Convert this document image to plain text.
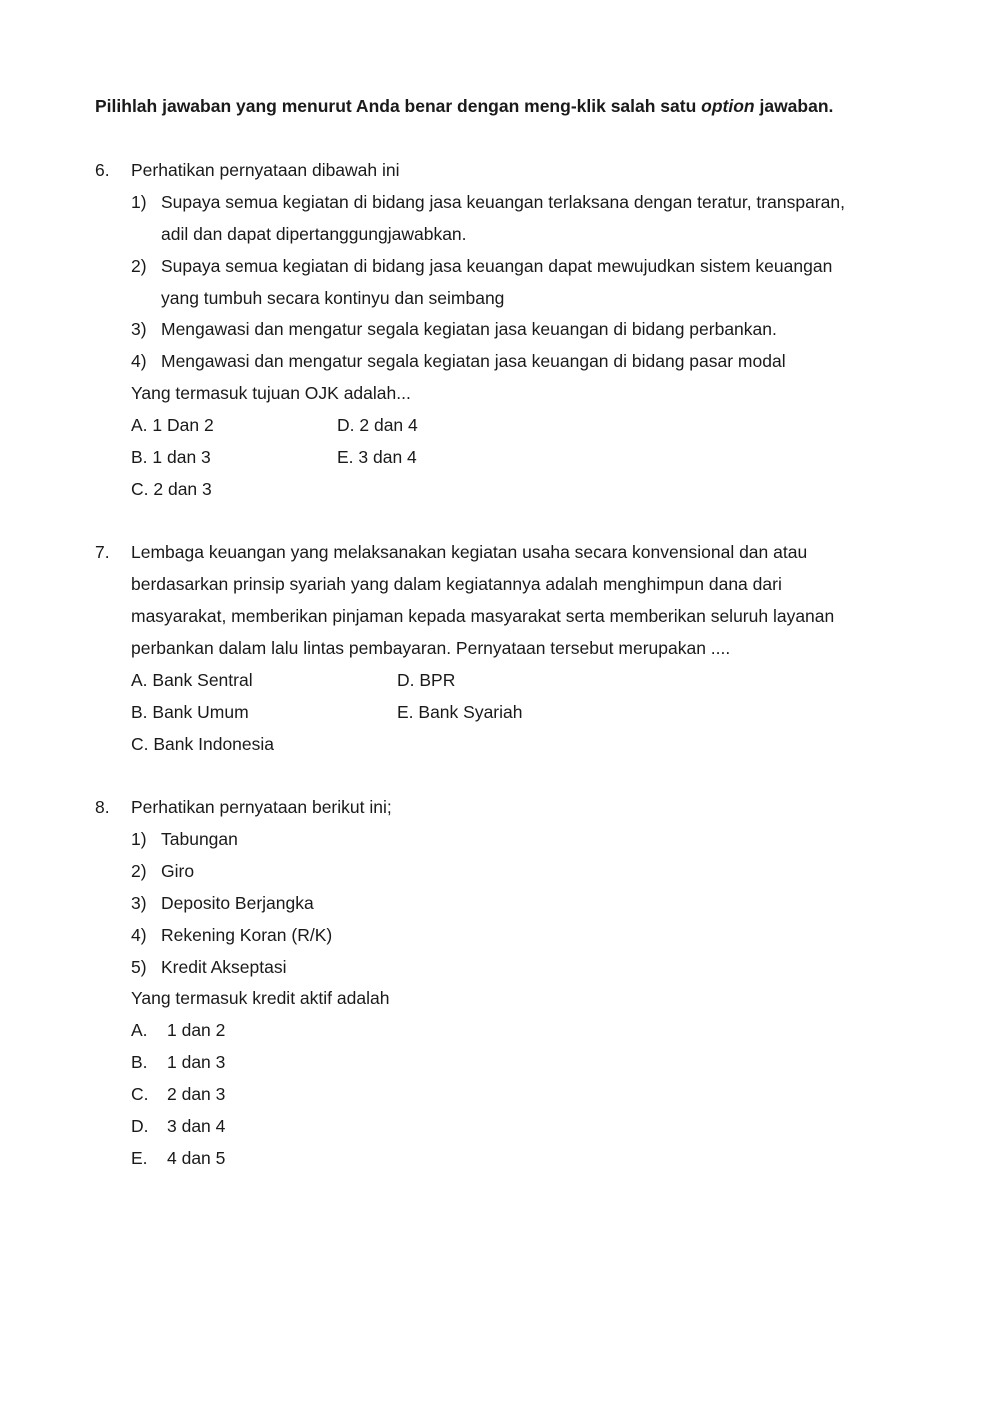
Pilihlah jawaban yang menurut Anda benar dengan meng-klik salah satu option jawaban.
6. Perhatikan pernyataan dibawah ini
1) Supaya semua kegiatan di bidang jasa keuangan terlaksana dengan teratur, transparan,
adil dan dapat dipertanggungjawabkan.
2) Supaya semua kegiatan di bidang jasa keuangan dapat mewujudkan sistem keuangan
yang tumbuh secara kontinyu dan seimbang
3) Mengawasi dan mengatur segala kegiatan jasa keuangan di bidang perbankan.
4) Mengawasi dan mengatur segala kegiatan jasa keuangan di bidang pasar modal
Yang termasuk tujuan OJK adalah...
A. 1 Dan 2	D. 2 dan 4
B. 1 dan 3	E. 3 dan 4
C. 2 dan 3
7. Lembaga keuangan yang melaksanakan kegiatan usaha secara konvensional dan atau
berdasarkan prinsip syariah yang dalam kegiatannya adalah menghimpun dana dari
masyarakat, memberikan pinjaman kepada masyarakat serta memberikan seluruh layanan
perbankan dalam lalu lintas pembayaran. Pernyataan tersebut merupakan ....
A. Bank Sentral	D. BPR
B. Bank Umum	E. Bank Syariah
C. Bank Indonesia
8. Perhatikan pernyataan berikut ini;
1) Tabungan
2) Giro
3) Deposito Berjangka
4) Rekening Koran (R/K)
5) Kredit Akseptasi
Yang termasuk kredit aktif adalah
A. 1 dan 2
B. 1 dan 3
C. 2 dan 3
D. 3 dan 4
E. 4 dan 5
